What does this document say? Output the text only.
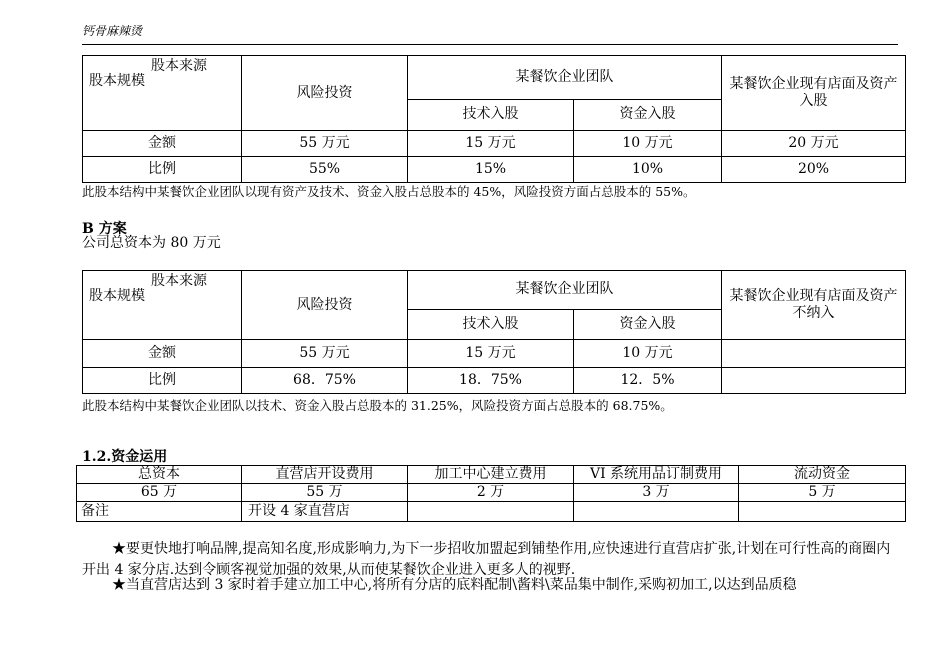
钙骨麻辣烫
股本来源
股本规模	风险投资	某餐饮企业团队		某餐饮企业现有店面及资产入股
		技术入股	资金入股	
金额	55 万元	15 万元	10 万元	20 万元
比例	55%	15%	10%	20%
此股本结构中某餐饮企业团队以现有资产及技术、资金入股占总股本的 45%，风险投资方面占总股本的 55%。
B 方案
公司总资本为 80 万元
股本来源
股本规模	风险投资	某餐饮企业团队		某餐饮企业现有店面及资产不纳入
		技术入股	资金入股	
金额	55 万元	15 万元	10 万元	
比例	68．75%	18．75%	12．5%	
此股本结构中某餐饮企业团队以技术、资金入股占总股本的 31.25%，风险投资方面占总股本的 68.75%。
1.2.资金运用
总资本	直营店开设费用	加工中心建立费用	VI 系统用品订制费用	流动资金
65 万	55 万	2 万	3 万	5 万
备注	开设 4 家直营店			
★要更快地打响品牌,提高知名度,形成影响力,为下一步招收加盟起到铺垫作用,应快速进行直营店扩张,计划在可行性高的商圈内开出 4 家分店.达到令顾客视觉加强的效果,从而使某餐饮企业进入更多人的视野.
★当直营店达到 3 家时着手建立加工中心,将所有分店的底料配制\酱料\菜品集中制作,采购初加工,以达到品质稳
